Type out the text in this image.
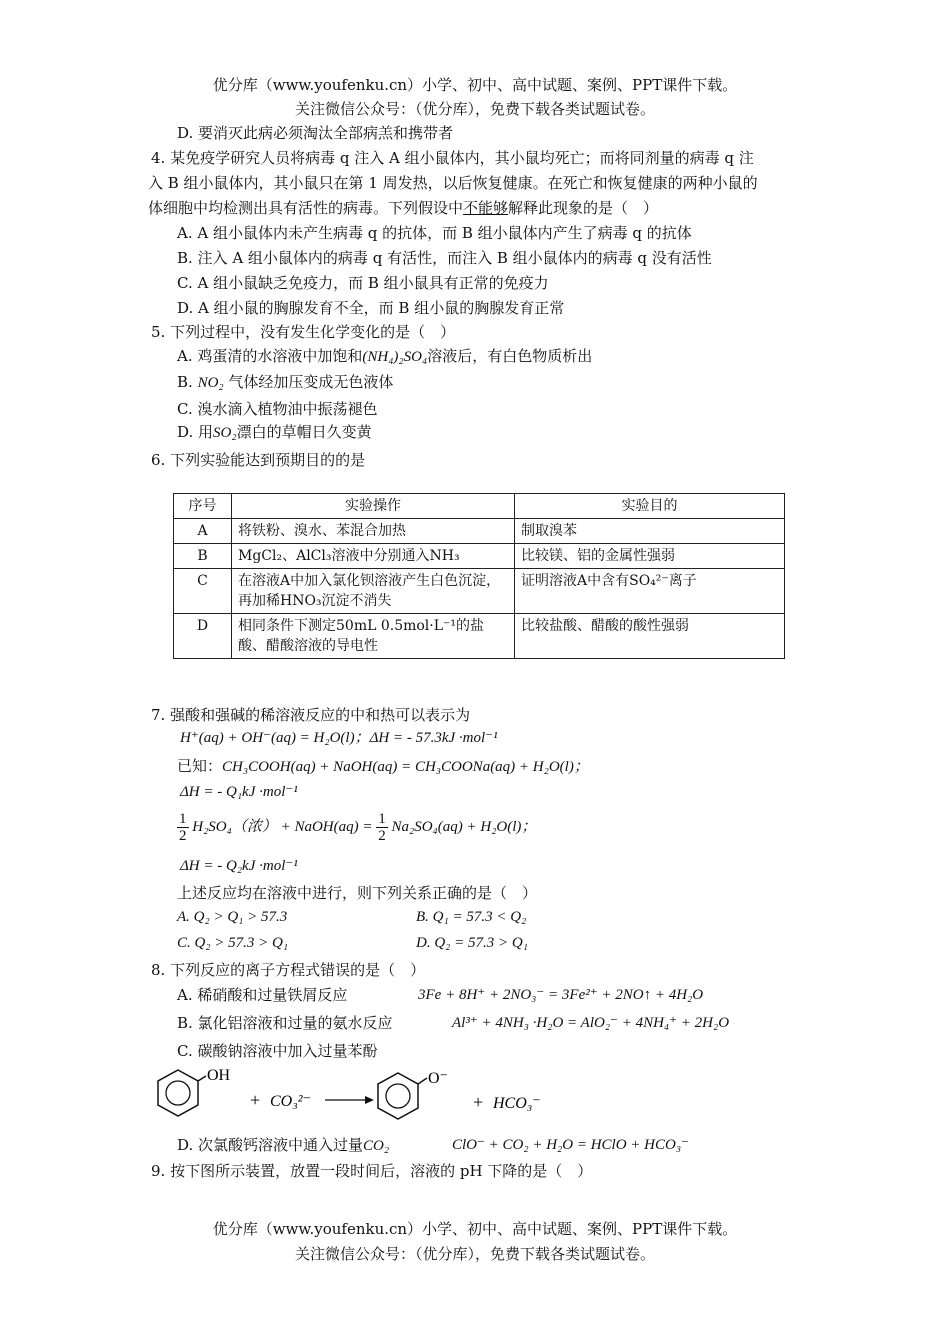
优分库（www.youfenku.cn）小学、初中、高中试题、案例、PPT课件下载。
关注微信公众号：（优分库），免费下载各类试题试卷。
D. 要消灭此病必须淘汰全部病羔和携带者
4. 某免疫学研究人员将病毒 q 注入 A 组小鼠体内，其小鼠均死亡；而将同剂量的病毒 q 注
入 B 组小鼠体内，其小鼠只在第 1 周发热，以后恢复健康。在死亡和恢复健康的两种小鼠的
体细胞中均检测出具有活性的病毒。下列假设中不能够解释此现象的是（　）
A. A 组小鼠体内未产生病毒 q 的抗体，而 B 组小鼠体内产生了病毒 q 的抗体
B. 注入 A 组小鼠体内的病毒 q 有活性，而注入 B 组小鼠体内的病毒 q 没有活性
C. A 组小鼠缺乏免疫力，而 B 组小鼠具有正常的免疫力
D. A 组小鼠的胸腺发育不全，而 B 组小鼠的胸腺发育正常
5. 下列过程中，没有发生化学变化的是（　）
A. 鸡蛋清的水溶液中加饱和(NH₄)₂SO₄溶液后，有白色物质析出
B. NO₂ 气体经加压变成无色液体
C. 溴水滴入植物油中振荡褪色
D. 用SO₂漂白的草帽日久变黄
6. 下列实验能达到预期目的的是
序号	实验操作	实验目的
A	将铁粉、溴水、苯混合加热	制取溴苯
B	MgCl₂、AlCl₃溶液中分别通入NH₃	比较镁、铝的金属性强弱
C	在溶液A中加入氯化钡溶液产生白色沉淀，再加稀HNO₃沉淀不消失	证明溶液A中含有SO₄²⁻离子
D	相同条件下测定50mL 0.5mol·L⁻¹的盐酸、醋酸溶液的导电性	比较盐酸、醋酸的酸性强弱
7. 强酸和强碱的稀溶液反应的中和热可以表示为
H⁺(aq) + OH⁻(aq) = H₂O(l)；ΔH = - 57.3kJ ·mol⁻¹
已知：CH₃COOH(aq) + NaOH(aq) = CH₃COONa(aq) + H₂O(l)；
ΔH = - Q₁kJ ·mol⁻¹
$\frac{1}{2} H_2SO_4$（浓） + NaOH(aq) = $\frac{1}{2} Na_2SO_4(aq) + H_2O(l)$；
ΔH = - Q₂kJ ·mol⁻¹
上述反应均在溶液中进行，则下列关系正确的是（　）
A. Q₂ > Q₁ > 57.3	B. Q₁ = 57.3 < Q₂
C. Q₂ > 57.3 > Q₁	D. Q₂ = 57.3 > Q₁
8. 下列反应的离子方程式错误的是（　）
A. 稀硝酸和过量铁屑反应	3Fe + 8H⁺ + 2NO₃⁻ = 3Fe²⁺ + 2NO↑ + 4H₂O
B. 氯化铝溶液和过量的氨水反应	Al³⁺ + 4NH₃ ·H₂O = AlO₂⁻ + 4NH₄⁺ + 2H₂O
C. 碳酸钠溶液中加入过量苯酚
OH
+ CO₃²⁻
O⁻
+ HCO₃⁻
D. 次氯酸钙溶液中通入过量CO₂	ClO⁻ + CO₂ + H₂O = HClO + HCO₃⁻
9. 按下图所示装置，放置一段时间后，溶液的 pH 下降的是（　）
优分库（www.youfenku.cn）小学、初中、高中试题、案例、PPT课件下载。
关注微信公众号：（优分库），免费下载各类试题试卷。
